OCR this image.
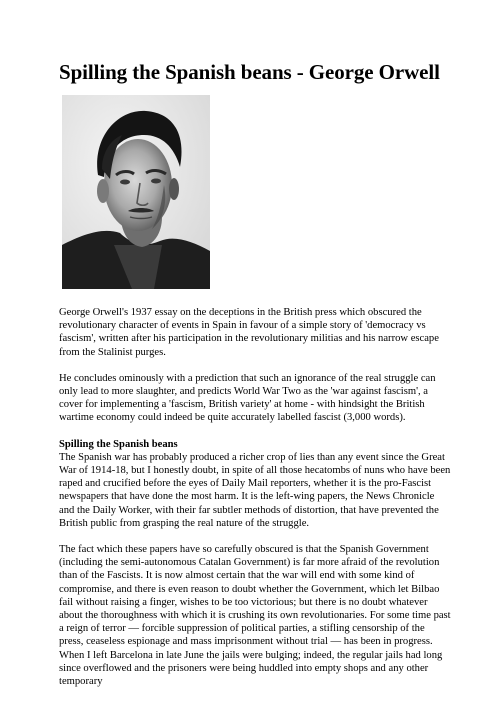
Spilling the Spanish beans - George Orwell

George Orwell's 1937 essay on the deceptions in the British press which obscured the revolutionary character of events in Spain in favour of a simple story of 'democracy vs fascism', written after his participation in the revolutionary militias and his narrow escape from the Stalinist purges.

He concludes ominously with a prediction that such an ignorance of the real struggle can only lead to more slaughter, and predicts World War Two as the 'war against fascism', a cover for implementing a 'fascism, British variety' at home - with hindsight the British wartime economy could indeed be quite accurately labelled fascist (3,000 words).

Spilling the Spanish beans
The Spanish war has probably produced a richer crop of lies than any event since the Great War of 1914-18, but I honestly doubt, in spite of all those hecatombs of nuns who have been raped and crucified before the eyes of Daily Mail reporters, whether it is the pro-Fascist newspapers that have done the most harm. It is the left-wing papers, the News Chronicle and the Daily Worker, with their far subtler methods of distortion, that have prevented the British public from grasping the real nature of the struggle.

The fact which these papers have so carefully obscured is that the Spanish Government (including the semi-autonomous Catalan Government) is far more afraid of the revolution than of the Fascists. It is now almost certain that the war will end with some kind of compromise, and there is even reason to doubt whether the Government, which let Bilbao fail without raising a finger, wishes to be too victorious; but there is no doubt whatever about the thoroughness with which it is crushing its own revolutionaries. For some time past a reign of terror — forcible suppression of political parties, a stifling censorship of the press, ceaseless espionage and mass imprisonment without trial — has been in progress. When I left Barcelona in late June the jails were bulging; indeed, the regular jails had long since overflowed and the prisoners were being huddled into empty shops and any other temporary
